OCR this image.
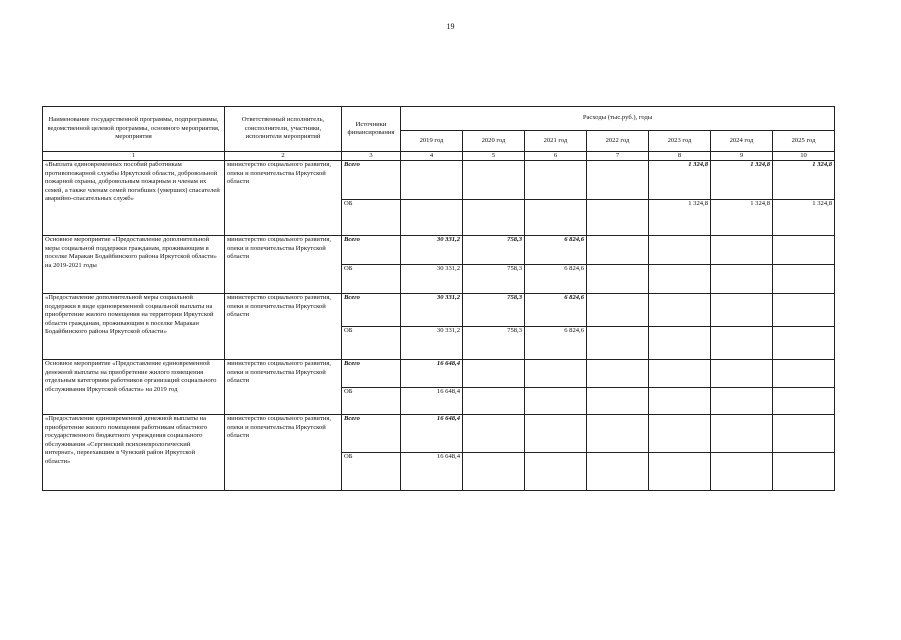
19
Наименование государственной программы, подпрограммы, ведомственной целевой программы, основного мероприятия, мероприятия	Ответственный исполнитель, соисполнители, участники, исполнители мероприятий	Источники финансирования	Расходы (тыс.руб.), годы						
			2019 год	2020 год	2021 год	2022 год	2023 год	2024 год	2025 год
1	2	3	4	5	6	7	8	9	10
«Выплата единовременных пособий работникам противопожарной службы Иркутской области, добровольной пожарной охраны, добровольным пожарным и членам их семей, а также членам семей погибших (умерших) спасателей аварийно-спасательных служб»	министерство социального развития, опеки и попечительства Иркутской области	Всего					1 324,8	1 324,8	1 324,8
		ОБ					1 324,8	1 324,8	1 324,8
Основное мероприятие «Предоставление дополнительной меры социальной поддержки гражданам, проживающим в поселке Маракан Бодайбинского района Иркутской области» на 2019-2021 годы	министерство социального развития, опеки и попечительства Иркутской области	Всего	30 331,2	758,3	6 824,6				
		ОБ	30 331,2	758,3	6 824,6				
«Предоставление дополнительной меры социальной поддержки в виде единовременной социальной выплаты на приобретение жилого помещения на территории Иркутской области гражданам, проживающим в поселке Маракан Бодайбинского района Иркутской области»	министерство социального развития, опеки и попечительства Иркутской области	Всего	30 331,2	758,3	6 824,6				
		ОБ	30 331,2	758,3	6 824,6				
Основное мероприятие «Предоставление единовременной денежной выплаты на приобретение жилого помещения отдельным категориям работников организаций социального обслуживания Иркутской области» на 2019 год	министерство социального развития, опеки и попечительства Иркутской области	Всего	16 648,4						
		ОБ	16 648,4						
«Предоставление единовременной денежной выплаты на приобретение жилого помещения работникам областного государственного бюджетного учреждения социального обслуживания «Сергинский психоневрологический интернат», переехавшим в Чунский район Иркутской области»	министерство социального развития, опеки и попечительства Иркутской области	Всего	16 648,4						
		ОБ	16 648,4						
